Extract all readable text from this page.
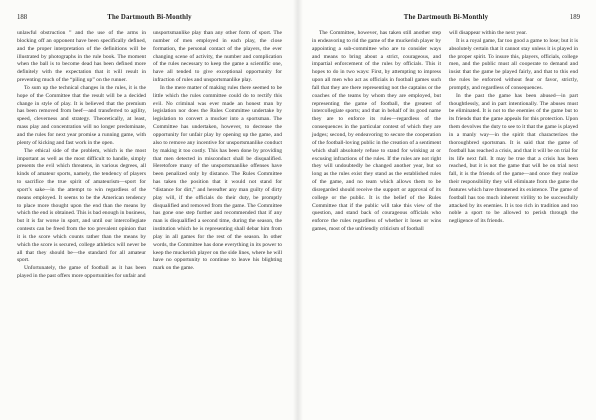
188	The Dartmouth Bi-Monthly

unlawful obstruction ” and the use of the arms in blocking off an opponent have been specifically defined, and the proper interpretation of the definitions will be illustrated by photographs in the rule book. The moment when the ball is to become dead has been defined more definitely with the expectation that it will result in preventing much of the “piling up” on the runner.

To sum up the technical changes in the rules, it is the hope of the Committee that the result will be a decided change in style of play. It is believed that the premium has been removed from beef—and transferred to agility, speed, cleverness and strategy. Theoretically, at least, mass play and concentration will no longer predominate, and the rules for next year promise a running game, with plenty of kicking and fast work in the open.

The ethical side of the problem, which is the most important as well as the most difficult to handle, simply presents the evil which threatens, in various degrees, all kinds of amateur sports, namely, the tendency of players to sacrifice the true spirit of amateurism—sport for sport’s sake—in the attempt to win regardless of the means employed. It seems to be the American tendency to place more thought upon the end than the means by which the end is obtained. This is bad enough in business, but it is far worse in sport, and until our intercollegiate contests can be freed from the too prevalent opinion that it is the score which counts rather than the means by which the score is secured, college athletics will never be all that they should be—the standard for all amateur sport.

Unfortunately, the game of football as it has been played in the past offers more opportunities for unfair and

unsportsmanlike play than any other form of sport. The number of men employed in each play, the close formation, the personal contact of the players, the ever changing scene of activity, the number and complication of the rules necessary to keep the game a scientific one, have all tended to give exceptional opportunity for infraction of rules and unsportsmanlike play.

In the mere matter of making rules there seemed to be little which the rules committee could do to rectify this evil. No criminal was ever made an honest man by legislation nor does the Rules Committee undertake by legislation to convert a mucker into a sportsman. The Committee has undertaken, however, to decrease the opportunity for unfair play by opening up the game, and also to remove any incentive for unsportsmanlike conduct by making it too costly. This has been done by providing that men detected in misconduct shall be disqualified. Heretofore many of the unsportsmanlike offenses have been penalized only by distance. The Rules Committee has taken the position that it would not stand for “distance for dirt,” and hereafter any man guilty of dirty play will, if the officials do their duty, be promptly disqualified and removed from the game. The Committee has gone one step further and recommended that if any man is disqualified a second time, during the season, the institution which he is representing shall debar him from play in all games for the rest of the season. In other words, the Committee has done everything in its power to keep the muckerish player on the side lines, where he will have no opportunity to continue to leave his blighting mark on the game.

The Dartmouth Bi-Monthly	189

The Committee, however, has taken still another step in endeavoring to rid the game of the muckerish player by appointing a sub-committee who are to consider ways and means to bring about a strict, courageous, and impartial enforcement of the rules by officials. This it hopes to do in two ways: First, by attempting to impress upon all men who act as officials in football games such fall that they are there representing not the captains or the coaches of the teams by whom they are employed, but representing the game of football, the greatest of intercollegiate sports; and that in behalf of its good name they are to enforce its rules—regardless of the consequences in the particular contest of which they are judges; second, by endeavoring to secure the cooperation of the football-loving public in the creation of a sentiment which shall absolutely refuse to stand for winking at or excusing infractions of the rules. If the rules are not right they will undoubtedly be changed another year, but so long as the rules exist they stand as the established rules of the game, and no team which allows them to be disregarded should receive the support or approval of its college or the public. It is the belief of the Rules Committee that if the public will take this view of the question, and stand back of courageous officials who enforce the rules regardless of whether it loses or wins games, most of the unfriendly criticism of football

will disappear within the next year.

It is a royal game, far too good a game to lose; but it is absolutely certain that it cannot stay unless it is played in the proper spirit. To insure this, players, officials, college men, and the public must all cooperate to demand and insist that the game be played fairly, and that to this end the rules be enforced without fear or favor, strictly, promptly, and regardless of consequences.

In the past the game has been abused—in part thoughtlessly, and in part intentionally. The abuses must be eliminated. It is not to the enemies of the game but to its friends that the game appeals for this protection. Upon them devolves the duty to see to it that the game is played in a manly way—in the spirit that characterizes the thoroughbred sportsman. It is said that the game of football has reached a crisis, and that it will be on trial for its life next fall. It may be true that a crisis has been reached, but it is not the game that will be on trial next fall, it is the friends of the game—and once they realize their responsibility they will eliminate from the game the features which have threatened its existence. The game of football has too much inherent virility to be successfully attacked by its enemies. It is too rich in tradition and too noble a sport to be allowed to perish through the negligence of its friends.
